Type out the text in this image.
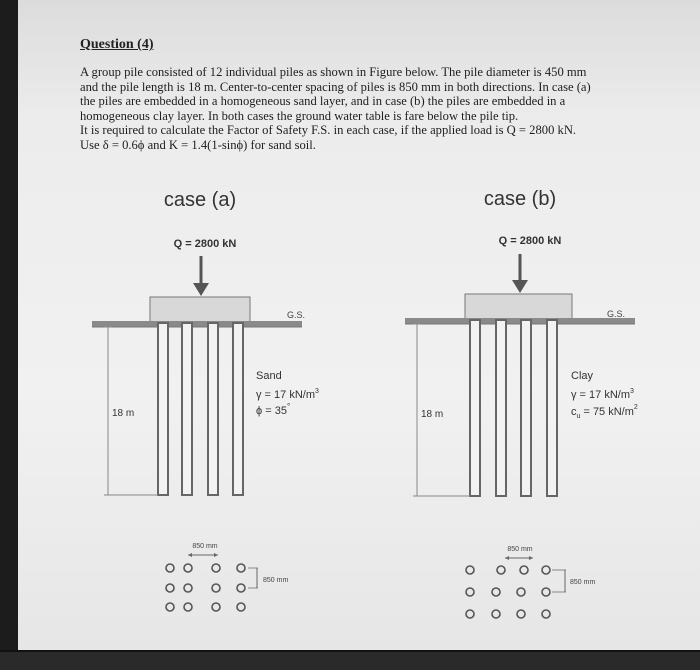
Question (4)
A group pile consisted of 12 individual piles as shown in Figure below. The pile diameter is 450 mm
and the pile length is 18 m. Center-to-center spacing of piles is 850 mm in both directions. In case (a)
the piles are embedded in a homogeneous sand layer, and in case (b) the piles are embedded in a
homogeneous clay layer. In both cases the ground water table is fare below the pile tip.
It is required to calculate the Factor of Safety F.S. in each case, if the applied load is Q = 2800 kN.
Use δ = 0.6ϕ and K = 1.4(1-sinϕ) for sand soil.
case (a)
Q = 2800 kN
G.S.
18 m
Sand
γ = 17 $kN/m^3$
ϕ = 35°
850 mm
850 mm
case (b)
Q = 2800 kN
G.S.
18 m
Clay
γ = 17 $kN/m^3$
$c_u = 75$ $kN/m^2$
850 mm
850 mm
